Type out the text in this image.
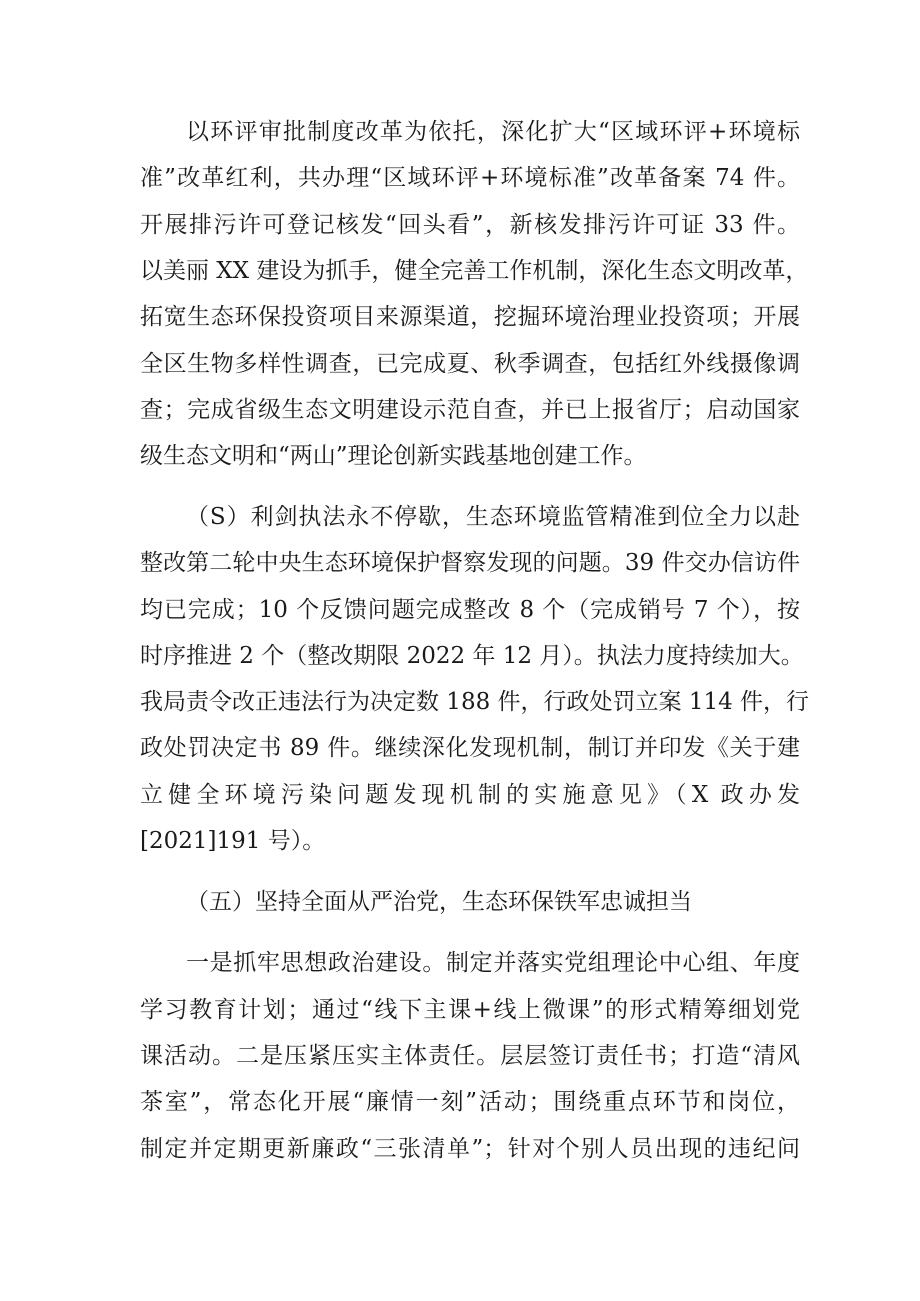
以环评审批制度改革为依托，深化扩大“区域环评+环境标
准”改革红利，共办理“区域环评+环境标准”改革备案 74 件。
开展排污许可登记核发“回头看”，新核发排污许可证 33 件。
以美丽 XX 建设为抓手，健全完善工作机制，深化生态文明改革，
拓宽生态环保投资项目来源渠道，挖掘环境治理业投资项；开展
全区生物多样性调查，已完成夏、秋季调查，包括红外线摄像调
查；完成省级生态文明建设示范自查，并已上报省厅；启动国家
级生态文明和“两山”理论创新实践基地创建工作。
（S）利剑执法永不停歇，生态环境监管精准到位全力以赴
整改第二轮中央生态环境保护督察发现的问题。39 件交办信访件
均已完成；10 个反馈问题完成整改 8 个（完成销号 7 个），按
时序推进 2 个（整改期限 2022 年 12 月）。执法力度持续加大。
我局责令改正违法行为决定数 188 件，行政处罚立案 114 件，行
政处罚决定书 89 件。继续深化发现机制，制订并印发《关于建
立健全环境污染问题发现机制的实施意见》（X 政办发
[2021]191 号）。
（五）坚持全面从严治党，生态环保铁军忠诚担当
一是抓牢思想政治建设。制定并落实党组理论中心组、年度
学习教育计划；通过“线下主课+线上微课”的形式精筹细划党
课活动。二是压紧压实主体责任。层层签订责任书；打造“清风
茶室”，常态化开展“廉情一刻”活动；围绕重点环节和岗位，
制定并定期更新廉政“三张清单”；针对个别人员出现的违纪问
